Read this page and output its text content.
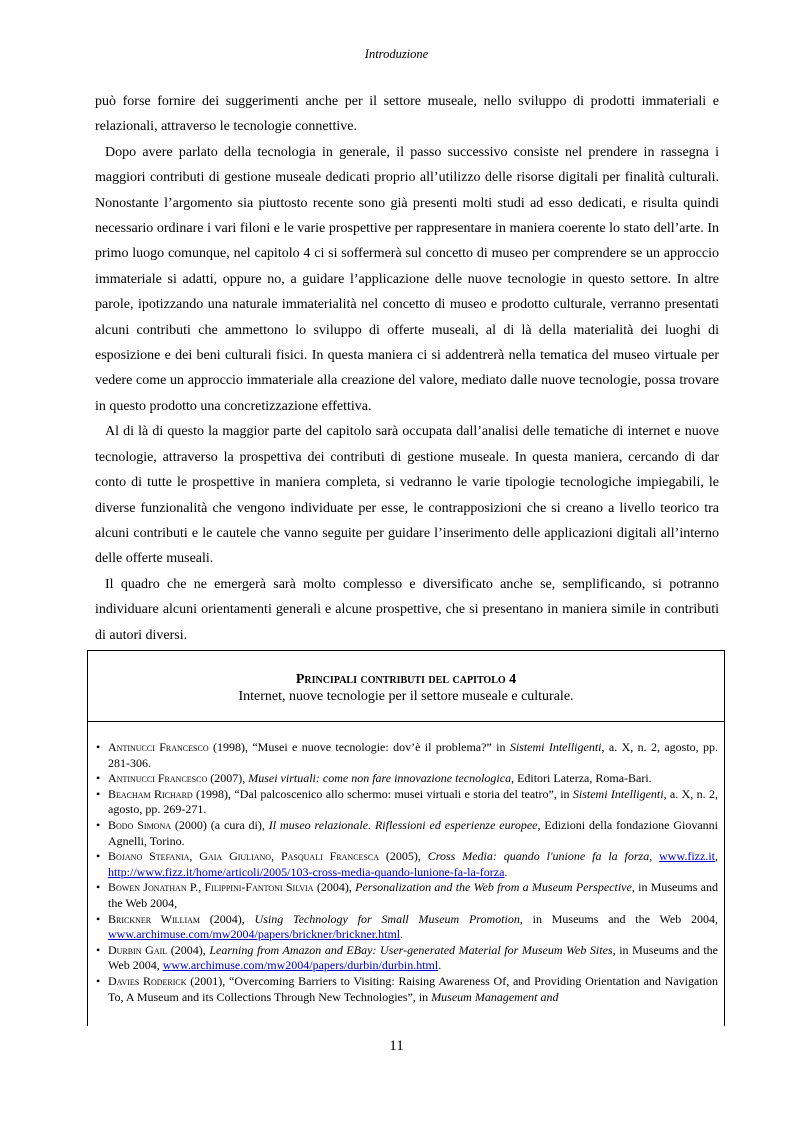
Introduzione

può forse fornire dei suggerimenti anche per il settore museale, nello sviluppo di prodotti immateriali e relazionali, attraverso le tecnologie connettive.

Dopo avere parlato della tecnologia in generale, il passo successivo consiste nel prendere in rassegna i maggiori contributi di gestione museale dedicati proprio all’utilizzo delle risorse digitali per finalità culturali. Nonostante l’argomento sia piuttosto recente sono già presenti molti studi ad esso dedicati, e risulta quindi necessario ordinare i vari filoni e le varie prospettive per rappresentare in maniera coerente lo stato dell’arte. In primo luogo comunque, nel capitolo 4 ci si soffermerà sul concetto di museo per comprendere se un approccio immateriale si adatti, oppure no, a guidare l’applicazione delle nuove tecnologie in questo settore. In altre parole, ipotizzando una naturale immaterialità nel concetto di museo e prodotto culturale, verranno presentati alcuni contributi che ammettono lo sviluppo di offerte museali, al di là della materialità dei luoghi di esposizione e dei beni culturali fisici. In questa maniera ci si addentrerà nella tematica del museo virtuale per vedere come un approccio immateriale alla creazione del valore, mediato dalle nuove tecnologie, possa trovare in questo prodotto una concretizzazione effettiva.

Al di là di questo la maggior parte del capitolo sarà occupata dall’analisi delle tematiche di internet e nuove tecnologie, attraverso la prospettiva dei contributi di gestione museale. In questa maniera, cercando di dar conto di tutte le prospettive in maniera completa, si vedranno le varie tipologie tecnologiche impiegabili, le diverse funzionalità che vengono individuate per esse, le contrapposizioni che si creano a livello teorico tra alcuni contributi e le cautele che vanno seguite per guidare l’inserimento delle applicazioni digitali all’interno delle offerte museali.

Il quadro che ne emergerà sarà molto complesso e diversificato anche se, semplificando, si potranno individuare alcuni orientamenti generali e alcune prospettive, che si presentano in maniera simile in contributi di autori diversi.

Principali contributi del capitolo 4
Internet, nuove tecnologie per il settore museale e culturale.
• Antinucci Francesco (1998), “Musei e nuove tecnologie: dov’è il problema?” in Sistemi Intelligenti, a. X, n. 2, agosto, pp. 281-306.
• Antinucci Francesco (2007), Musei virtuali: come non fare innovazione tecnologica, Editori Laterza, Roma-Bari.
• Beacham Richard (1998), “Dal palcoscenico allo schermo: musei virtuali e storia del teatro”, in Sistemi Intelligenti, a. X, n. 2, agosto, pp. 269-271.
• Bodo Simona (2000) (a cura di), Il museo relazionale. Riflessioni ed esperienze europee, Edizioni della fondazione Giovanni Agnelli, Torino.
• Bojano Stefania, Gaia Giuliano, Pasquali Francesca (2005), Cross Media: quando l'unione fa la forza, www.fizz.it, http://www.fizz.it/home/articoli/2005/103-cross-media-quando-lunione-fa-la-forza.
• Bowen Jonathan P., Filippini-Fantoni Silvia (2004), Personalization and the Web from a Museum Perspective, in Museums and the Web 2004,
• Brickner William (2004), Using Technology for Small Museum Promotion, in Museums and the Web 2004, www.archimuse.com/mw2004/papers/brickner/brickner.html.
• Durbin Gail (2004), Learning from Amazon and EBay: User-generated Material for Museum Web Sites, in Museums and the Web 2004, www.archimuse.com/mw2004/papers/durbin/durbin.html.
• Davies Roderick (2001), “Overcoming Barriers to Visiting: Raising Awareness Of, and Providing Orientation and Navigation To, A Museum and its Collections Through New Technologies”, in Museum Management and
11
